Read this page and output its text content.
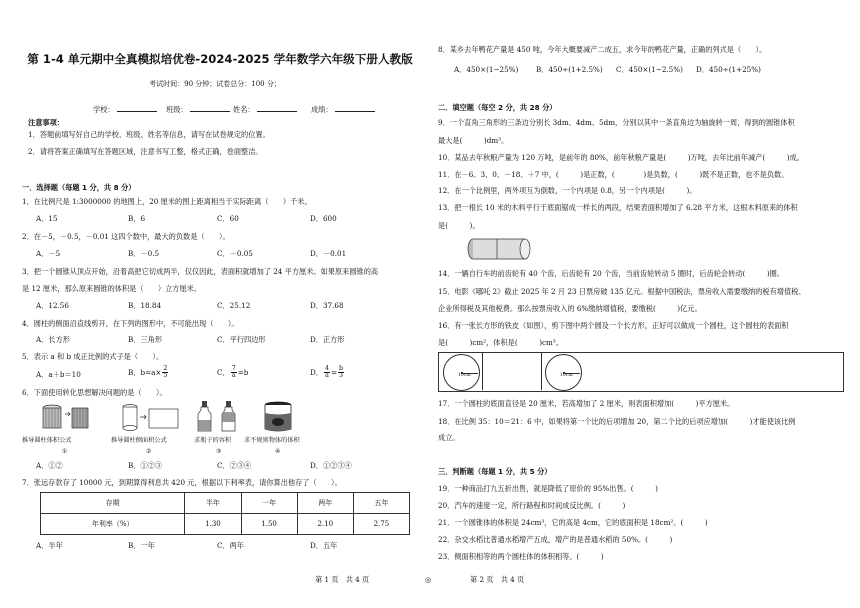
第 1-4 单元期中全真模拟培优卷-2024-2025 学年数学六年级下册人教版
考试时间：90 分钟；试卷总分：100 分；
学校：	班级：	姓名：	成绩：
注意事项：
1．答题前填写好自己的学校、班级、姓名等信息，请写在试卷规定的位置。
2．请将答案正确填写在答题区域，注意书写工整，格式正确，卷面整洁。
一．选择题（每题 1 分，共 8 分）
1．在比例尺是 1:3000000 的地图上，20 厘米的图上距离相当于实际距离（　　）千米。
A．15	B．6	C．60	D．600
2．在－5，－0.5，－0.01 这四个数中，最大的负数是（　　）。
A．－5	B．－0.5	C．－0.05	D．－0.01
3．把一个圆锥从顶点开始，沿着高把它切成两半，仅仅因此，表面积就增加了 24 平方厘米。如果原来圆锥的高
是 12 厘米，那么原来圆锥的体积是（　　）立方厘米。
A．12.56	B．18.84	C．25.12	D．37.68
4．圆柱的侧面沿直线剪开，在下列的图形中，不可能出现（　　）。
A．长方形	B．三角形	C．平行四边形	D．正方形
5．表示 a 和 b 成正比例的式子是（　　）。
A．a＋b＝10	B．$b=a\times \frac{2}{5}$	C． $\frac{7}{a} =b$	D． $\frac{4}{a} = \frac{b}{3}$
6．下面使用转化思想解决问题的是（　　）。
推导圆柱体积公式	推导圆柱侧面积公式	求瓶子的容积 求不规则物体的体积
①	②	③	④
A．①②	B．①②③	C．②③④	D．①②③④
7．张远存款存了 10000 元，到期算得利息共 420 元，根据以下利率表，请你算出他存了（　　）。
存期	半年	一年	两年	五年
年利率（%）	1.30	1.50	2.10	2.75
A．半年	B．一年	C．两年	D．五年
第 1 页　共 4 页	◎
8．某乡去年鸭花产量是 450 吨，今年大概要减产二成五，求今年的鸭花产量，正确的列式是（　　）。
A．450×(1−25%) B．450÷(1+2.5%) C．450×(1−2.5%) D．450÷(1+25%)
二．填空题（每空 2 分，共 28 分）
9．一个直角三角形的三条边分别长 3dm、4dm、5dm，分别以其中一条直角边为轴旋转一周，得到的圆锥体积
最大是(　　　)dm³。
10．某品去年秋粮产量为 120 万吨，是前年的 80%，前年秋粮产量是(　　　)万吨，去年比前年减产(　　　)成。
11．在－6、3、0、－18、＋7 中，(　　　)是正数，(　　　　)是负数，(　　　)既不是正数，也不是负数。
12．在一个比例里，两外项互为倒数，一个内项是 0.8，另一个内项是(　　　)。
13．把一根长 10 米的木料平行于底面锯成一样长的两段，结果表面积增加了 6.28 平方米，这根木料原来的体积
是(　　　)。
14．一辆自行车的前齿轮有 40 个齿，后齿轮有 20 个齿，当前齿轮转动 5 圈时，后齿轮会转动(　　　)圈。
15．电影《哪吒 2》截止 2025 年 2 月 23 日票房破 135 亿元。根据中国税法，票房收入需要缴纳的税有增值税、
企业所得税及其他税费。那么按票房收入的 6%缴纳增值税，要缴税(　　　)亿元。
16．有一张长方形的铁皮（如图），剪下图中两个圆及一个长方形，正好可以做成一个圆柱，这个圆柱的表面积
是(　　　)cm²，体积是(　　　)cm³。
10cm	10cm
17．一个圆柱的底面直径是 20 厘米，若高增加了 2 厘米，则表面积增加(　　　)平方厘米。
18．在比例 35：10＝21：6 中，如果将第一个比的后项增加 20，第二个比的后项应增加(　　　)才能使该比例
成立。
三．判断题（每题 1 分，共 5 分）
19．一种商品打九五折出售，就是降低了原价的 95%出售。(　　　)
20．汽车的速度一定，所行路程和时间成反比例。(　　　)
21．一个圆锥体的体积是 24cm³，它的高是 4cm，它的底面积是 18cm²。(　　　)
22．杂交水稻比普通水稻增产五成，增产的是普通水稻的 50%。(　　　)
23．侧面积相等的两个圆柱体的体积相等。(　　　)
第 2 页　共 4 页
